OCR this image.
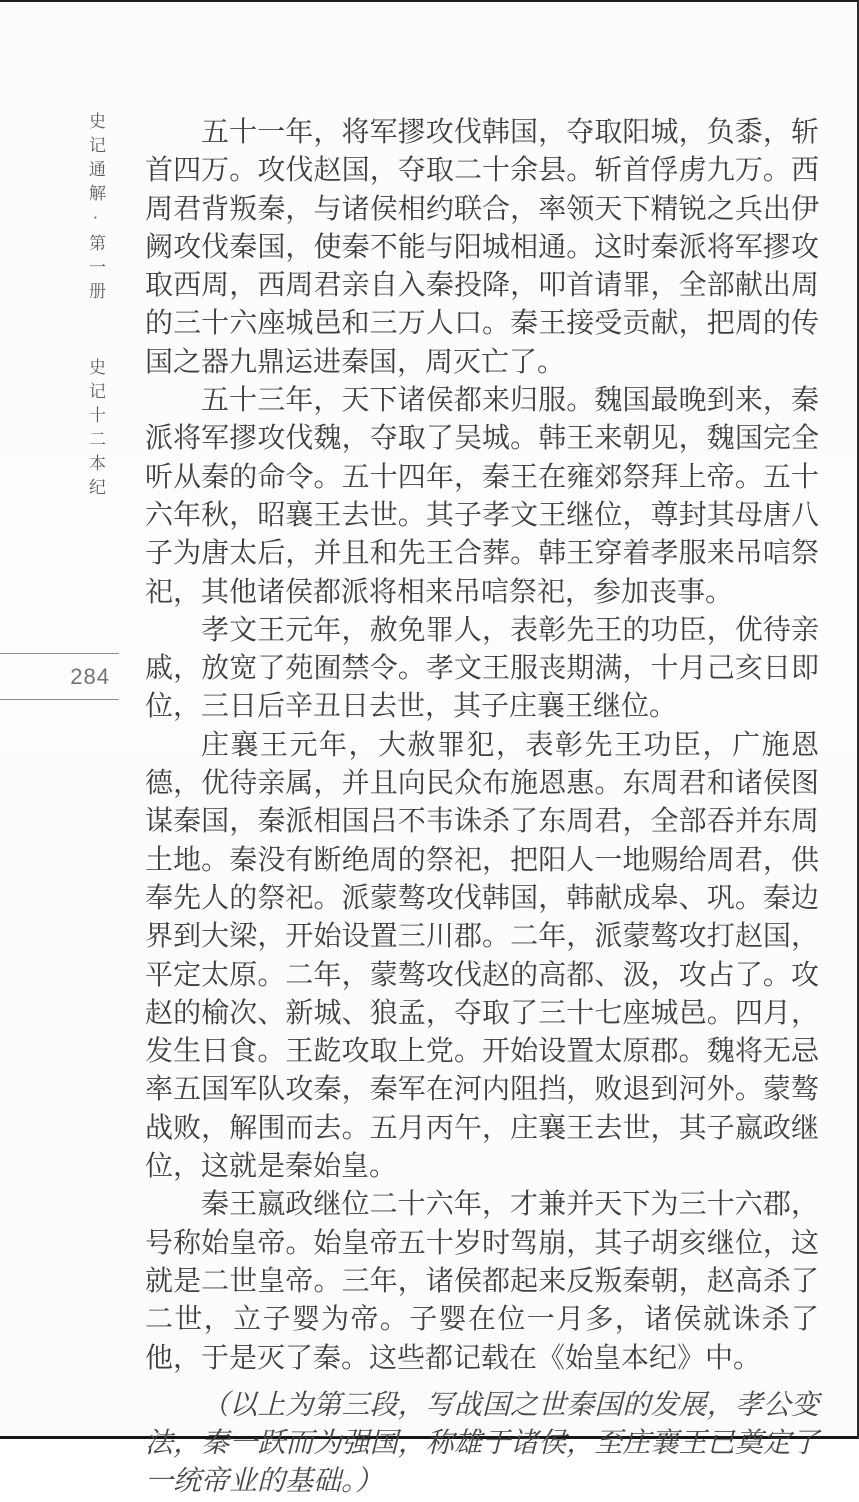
史记通解·第一册 史记十二本纪
284

五十一年，将军摎攻伐韩国，夺取阳城，负黍，斩首四万。攻伐赵国，夺取二十余县。斩首俘虏九万。西周君背叛秦，与诸侯相约联合，率领天下精锐之兵出伊阙攻伐秦国，使秦不能与阳城相通。这时秦派将军摎攻取西周，西周君亲自入秦投降，叩首请罪，全部献出周的三十六座城邑和三万人口。秦王接受贡献，把周的传国之器九鼎运进秦国，周灭亡了。

五十三年，天下诸侯都来归服。魏国最晚到来，秦派将军摎攻伐魏，夺取了吴城。韩王来朝见，魏国完全听从秦的命令。五十四年，秦王在雍郊祭拜上帝。五十六年秋，昭襄王去世。其子孝文王继位，尊封其母唐八子为唐太后，并且和先王合葬。韩王穿着孝服来吊唁祭祀，其他诸侯都派将相来吊唁祭祀，参加丧事。

孝文王元年，赦免罪人，表彰先王的功臣，优待亲戚，放宽了苑囿禁令。孝文王服丧期满，十月己亥日即位，三日后辛丑日去世，其子庄襄王继位。

庄襄王元年，大赦罪犯，表彰先王功臣，广施恩德，优待亲属，并且向民众布施恩惠。东周君和诸侯图谋秦国，秦派相国吕不韦诛杀了东周君，全部吞并东周土地。秦没有断绝周的祭祀，把阳人一地赐给周君，供奉先人的祭祀。派蒙骜攻伐韩国，韩献成皋、巩。秦边界到大梁，开始设置三川郡。二年，派蒙骜攻打赵国，平定太原。二年，蒙骜攻伐赵的高都、汲，攻占了。攻赵的榆次、新城、狼孟，夺取了三十七座城邑。四月，发生日食。王龁攻取上党。开始设置太原郡。魏将无忌率五国军队攻秦，秦军在河内阻挡，败退到河外。蒙骜战败，解围而去。五月丙午，庄襄王去世，其子嬴政继位，这就是秦始皇。

秦王嬴政继位二十六年，才兼并天下为三十六郡，号称始皇帝。始皇帝五十岁时驾崩，其子胡亥继位，这就是二世皇帝。三年，诸侯都起来反叛秦朝，赵高杀了二世，立子婴为帝。子婴在位一月多，诸侯就诛杀了他，于是灭了秦。这些都记载在《始皇本纪》中。

（以上为第三段，写战国之世秦国的发展，孝公变法，秦一跃而为强国，称雄于诸侯，至庄襄王已奠定了一统帝业的基础。）
